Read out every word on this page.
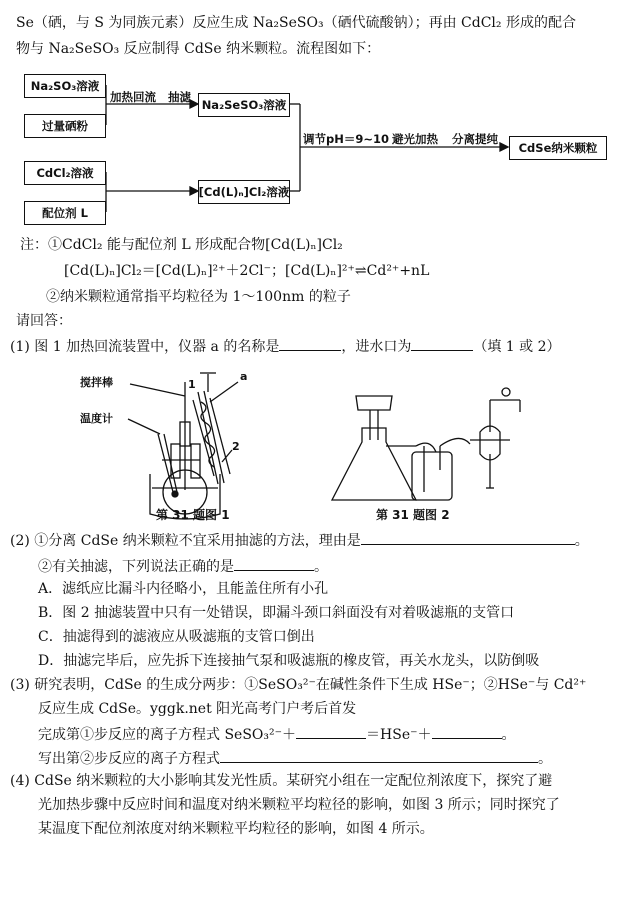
Se（硒，与 S 为同族元素）反应生成 Na₂SeSO₃（硒代硫酸钠）；再由 CdCl₂ 形成的配合
物与 Na₂SeSO₃ 反应制得 CdSe 纳米颗粒。流程图如下：
Na₂SO₃溶液
过量硒粉
CdCl₂溶液
配位剂 L
Na₂SeSO₃溶液
[Cd(L)ₙ]Cl₂溶液
CdSe纳米颗粒
加热回流 抽滤
调节pH＝9~10 避光加热 分离提纯
注：①CdCl₂ 能与配位剂 L 形成配合物[Cd(L)ₙ]Cl₂
[Cd(L)ₙ]Cl₂＝[Cd(L)ₙ]²⁺＋2Cl⁻；[Cd(L)ₙ]²⁺⇌Cd²⁺+nL
②纳米颗粒通常指平均粒径为 1～100nm 的粒子
请回答：
(1) 图 1 加热回流装置中，仪器 a 的名称是	，进水口为	（填 1 或 2）
搅拌棒
温度计
a
1
2
第 31 题图 1	第 31 题图 2
(2) ①分离 CdSe 纳米颗粒不宜采用抽滤的方法，理由是	。
②有关抽滤，下列说法正确的是	。
A．滤纸应比漏斗内径略小，且能盖住所有小孔
B．图 2 抽滤装置中只有一处错误，即漏斗颈口斜面没有对着吸滤瓶的支管口
C．抽滤得到的滤液应从吸滤瓶的支管口倒出
D．抽滤完毕后，应先拆下连接抽气泵和吸滤瓶的橡皮管，再关水龙头，以防倒吸
(3) 研究表明，CdSe 的生成分两步：①SeSO₃²⁻在碱性条件下生成 HSe⁻；②HSe⁻与 Cd²⁺
反应生成 CdSe。yggk.net 阳光高考门户考后首发
完成第①步反应的离子方程式 SeSO₃²⁻＋	＝HSe⁻＋	。
写出第②步反应的离子方程式	。
(4) CdSe 纳米颗粒的大小影响其发光性质。某研究小组在一定配位剂浓度下，探究了避
光加热步骤中反应时间和温度对纳米颗粒平均粒径的影响，如图 3 所示；同时探究了
某温度下配位剂浓度对纳米颗粒平均粒径的影响，如图 4 所示。
